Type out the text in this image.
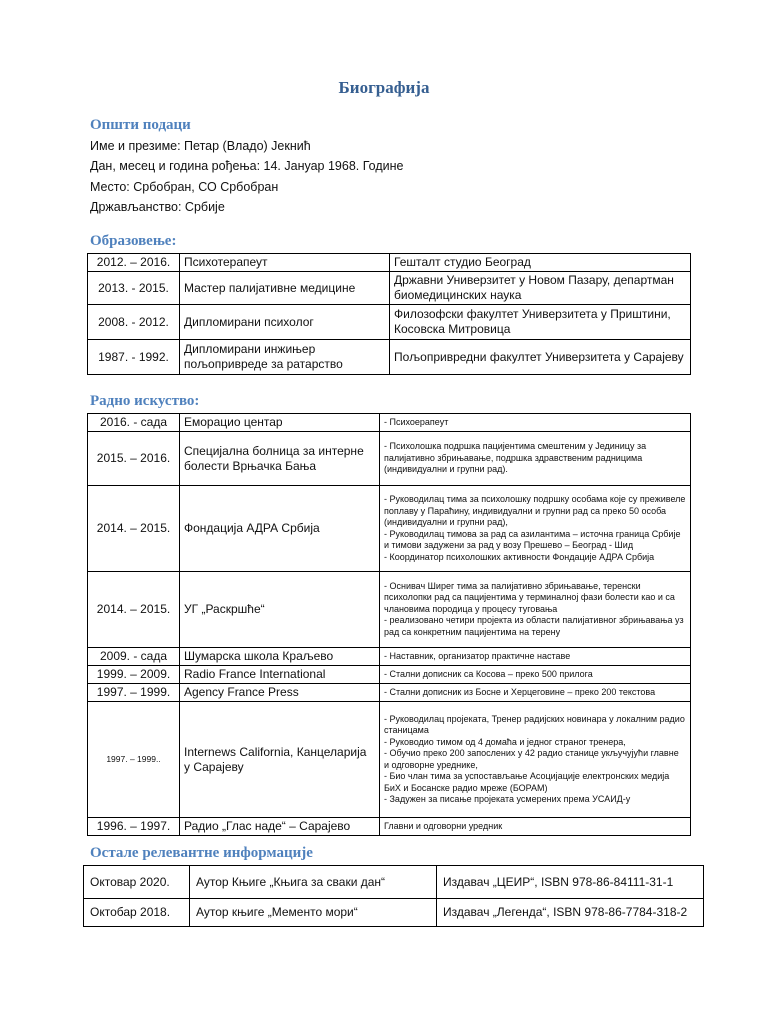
Биографија
Општи подаци
Име и презиме: Петар (Владо) Јекнић
Дан, месец и година рођења: 14. Јануар 1968. Године
Место: Србобран, СО Србобран
Држављанство: Србије
Образовење:
2012. – 2016.	Психотерапеут	Гештaлт студио Београд
2013. - 2015.	Мастер палијативне медицине	Државни Универзитет у Новом Пазару, департман биомедицинских наука
2008. - 2012.	Дипломирани психолог	Филозофски факултет Универзитета у Приштини, Косовска Митровица
1987. - 1992.	Дипломирани инжињер пољопривреде за ратарство	Пољопривредни факултет Универзитета у Сарајеву
Радно искуство:
2016. - сада	Еморацио центар	- Психоерапеут

2015. – 2016.	Специјална болница за интерне болести Врњачка Бања	- Психолошка подршка пацијентима смештеним у Јединицу за палијативно збрињавање, подршка здравственим радницима (индивидуални и групни рад).

2014. – 2015.	Фондација АДРА Србија	- Руководилац тима за психолошку подршку особама које су преживеле поплаву у Параћину, индивидуални и групни рад са преко 50 особа (индивидуални и групни рад),
- Руководилац тимова за рад са азилантима – источна граница Србије и тимови задужени за рад у возу Прешево – Београд - Шид
- Координатор психолошких активности Фондације АДРА Србија

2014. – 2015.	УГ „Раскршће“	- Оснивач Ширег тима за палијативно збрињавање, теренски психолопки рад са пацијентима у терминалној фази болести као и са члановима породица у процесу туговања
- реализовано четири пројекта из области палијативног збрињавања уз рад са конкретним пацијентима на терену

2009. - сада	Шумарска школа Краљево	- Наставник, организатор практичне наставе

1999. – 2009.	Radio France International	- Стални дописник са Косова – преко 500 прилога

1997. – 1999.	Agency France Press	- Стални дописник из Босне и Херцеговине – преко 200 текстова

1997. – 1999..	Internews California, Канцеларија у Сарајеву	- Руководилац пројеката, Тренер радијских новинара у локалним радио станицама
- Руководио тимом од 4 домаћа и једног страног тренера,
- Обучио преко 200 запослених у 42 радио станице укључујући главне и одговорне уреднике,
- Био члан тима за успостављање Асоцијације електронских медија БиХ и Босанске радио мреже (БОРАМ)
- Задужен за писање пројеката усмерених према УСАИД-у

1996. – 1997.	Радио „Глас наде“ – Сарајево	Главни и одговорни уредник
Остале релевантне информације
Октовар 2020.	Аутор Књиге „Књига за сваки дан“	Издавач „ЦЕИР“, ISBN 978-86-84111-31-1
Октобар 2018.	Аутор књиге „Мементо мори“	Издавач „Легенда“, ISBN 978-86-7784-318-2
